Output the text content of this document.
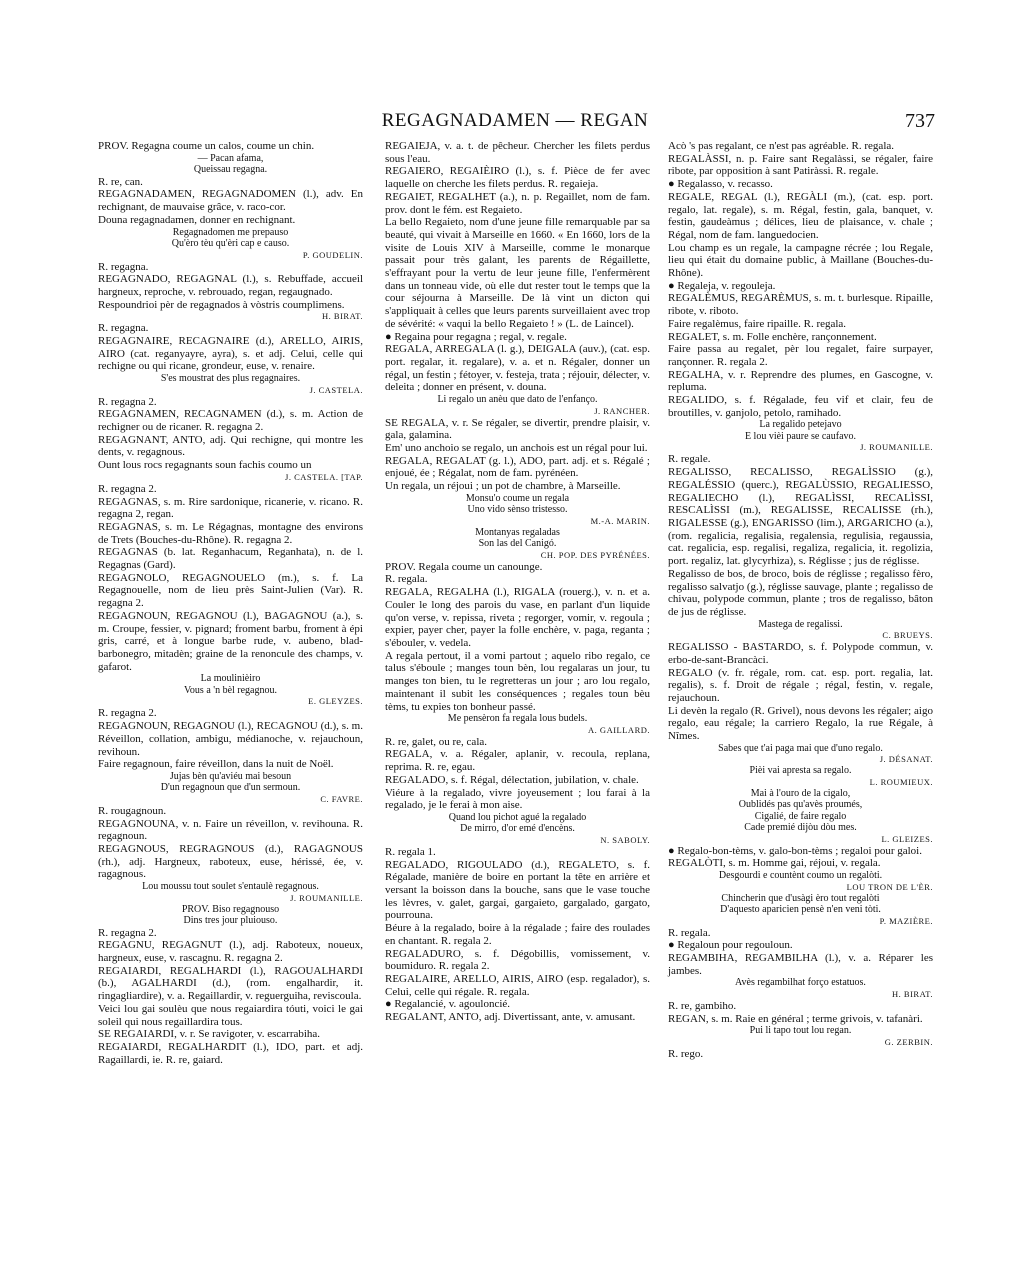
REGAGNADAMEN — REGAN	737

PROV. Regagna coume un calos, coume un chin.

— Pacan afama,

Queissau regagna.

R. re, can.

REGAGNADAMEN, REGAGNADOMEN (l.), adv. En rechignant, de mauvaise grâce, v. raco-cor.

Douna regagnadamen, donner en rechignant.

Regagnadomen me prepauso

Qu'èro tèu qu'èri cap e causo.

P. GOUDELIN.

R. regagna.

REGAGNADO, REGAGNAL (l.), s. Rebuffade, accueil hargneux, reproche, v. rebrouado, regan, regaugnado.

Respoundrioi pèr de regagnados à vòstris coumplimens.

H. BIRAT.

R. regagna.

REGAGNAIRE, RECAGNAIRE (d.), ARELLO, AIRIS, AIRO (cat. reganyayre, ayra), s. et adj. Celui, celle qui rechigne ou qui ricane, grondeur, euse, v. renaire.

S'es moustrat des plus regagnaires.

J. CASTELA.

R. regagna 2.

REGAGNAMEN, RECAGNAMEN (d.), s. m. Action de rechigner ou de ricaner. R. regagna 2.

REGAGNANT, ANTO, adj. Qui rechigne, qui montre les dents, v. regagnous.

Ount lous rocs regagnants soun fachis coumo un

J. CASTELA. [TAP.

R. regagna 2.

REGAGNAS, s. m. Rire sardonique, ricanerie, v. ricano. R. regagna 2, regan.

REGAGNAS, s. m. Le Régagnas, montagne des environs de Trets (Bouches-du-Rhône). R. regagna 2.

REGAGNAS (b. lat. Reganhacum, Reganhata), n. de l. Regagnas (Gard).

REGAGNOLO, REGAGNOUELO (m.), s. f. La Regagnouelle, nom de lieu près Saint-Julien (Var). R. regagna 2.

REGAGNOUN, REGAGNOU (l.), BAGAGNOU (a.), s. m. Croupe, fessier, v. pignard; froment barbu, froment à épi gris, carré, et à longue barbe rude, v. aubeno, blad-barbonegro, mitadèn; graine de la renoncule des champs, v. gafarot.

La moulinièiro

Vous a 'n bèl regagnou.

E. GLEYZES.

R. regagna 2.

REGAGNOUN, REGAGNOU (l.), RECAGNOU (d.), s. m. Réveillon, collation, ambigu, médianoche, v. rejauchoun, revihoun.

Faire regagnoun, faire réveillon, dans la nuit de Noël.

Jujas bèn qu'aviéu mai besoun

D'un regagnoun que d'un sermoun.

C. FAVRE.

R. rougagnoun.

REGAGNOUNA, v. n. Faire un réveillon, v. revihouna. R. regagnoun.

REGAGNOUS, REGRAGNOUS (d.), RAGAGNOUS (rh.), adj. Hargneux, raboteux, euse, hérissé, ée, v. ragagnous.

Lou moussu tout soulet s'entaulè regagnous.

J. ROUMANILLE.

PROV. Biso regagnouso

Dins tres jour pluiouso.

R. regagna 2.

REGAGNU, REGAGNUT (l.), adj. Raboteux, noueux, hargneux, euse, v. rascagnu. R. regagna 2.

REGAIARDI, REGALHARDI (l.), RAGOUALHARDI (b.), AGALHARDI (d.), (rom. engalhardir, it. ringagliardire), v. a. Regaillardir, v. reguerguiha, reviscoula.

Veici lou gai soulèu que nous regaiardira tóuti, voici le gai soleil qui nous regaillardira tous.

SE REGAIARDI, v. r. Se ravigoter, v. escarrabiha.

REGAIARDI, REGALHARDIT (l.), IDO, part. et adj. Ragaillardi, ie. R. re, gaiard.

REGAIEJA, v. a. t. de pêcheur. Chercher les filets perdus sous l'eau.

REGAIERO, REGAIÈIRO (l.), s. f. Pièce de fer avec laquelle on cherche les filets perdus. R. regaieja.

REGAIET, REGALHET (a.), n. p. Regaillet, nom de fam. prov. dont le fém. est Regaieto.

La bello Regaieto, nom d'une jeune fille remarquable par sa beauté, qui vivait à Marseille en 1660. « En 1660, lors de la visite de Louis XIV à Marseille, comme le monarque passait pour très galant, les parents de Régaillette, s'effrayant pour la vertu de leur jeune fille, l'enfermèrent dans un tonneau vide, où elle dut rester tout le temps que la cour séjourna à Marseille. De là vint un dicton qui s'appliquait à celles que leurs parents surveillaient avec trop de sévérité: « vaqui la bello Regaieto ! » (L. de Laincel).

● Regaina pour regagna ; regal, v. regale.

REGALA, ARREGALA (l. g.), DEIGALA (auv.), (cat. esp. port. regalar, it. regalare), v. a. et n. Régaler, donner un régal, un festin ; fétoyer, v. festeja, trata ; réjouir, délecter, v. deleita ; donner en présent, v. douna.

Li regalo un anèu que dato de l'enfanço.

J. RANCHER.

SE REGALA, v. r. Se régaler, se divertir, prendre plaisir, v. gala, galamina.

Em' uno anchoio se regalo, un anchois est un régal pour lui.

REGALA, REGALAT (g. l.), ADO, part. adj. et s. Régalé ; enjoué, ée ; Régalat, nom de fam. pyrénéen.

Un regala, un réjoui ; un pot de chambre, à Marseille.

Monsu'o coume un regala

Uno vido sènso tristesso.

M.-A. MARIN.

Montanyas regaladas

Son las del Canigó.

CH. POP. DES PYRÉNÉES.

PROV. Regala coume un canounge.

R. regala.

REGALA, REGALHA (l.), RIGALA (rouerg.), v. n. et a. Couler le long des parois du vase, en parlant d'un liquide qu'on verse, v. repissa, riveta ; regorger, vomir, v. regoula ; expier, payer cher, payer la folle enchère, v. paga, reganta ; s'ébouler, v. vedela.

A regala pertout, il a vomi partout ; aquelo ribo regalo, ce talus s'éboule ; manges toun bèn, lou regalaras un jour, tu manges ton bien, tu le regretteras un jour ; aro lou regalo, maintenant il subit les conséquences ; regales toun bèu tèms, tu expies ton bonheur passé.

Me pensèron fa regala lous budels.

A. GAILLARD.

R. re, galet, ou re, cala.

REGALA, v. a. Régaler, aplanir, v. recoula, replana, reprima. R. re, egau.

REGALADO, s. f. Régal, délectation, jubilation, v. chale.

Viéure à la regalado, vivre joyeusement ; lou farai à la regalado, je le ferai à mon aise.

Quand lou pichot agué la regalado

De mirro, d'or emé d'encèns.

N. SABOLY.

R. regala 1.

REGALADO, RIGOULADO (d.), REGALETO, s. f. Régalade, manière de boire en portant la tête en arrière et versant la boisson dans la bouche, sans que le vase touche les lèvres, v. galet, gargai, gargaieto, gargalado, gargato, pourrouna.

Béure à la regalado, boire à la régalade ; faire des roulades en chantant. R. regala 2.

REGALADURO, s. f. Dégobillis, vomissement, v. boumiduro. R. regala 2.

REGALAIRE, ARELLO, AIRIS, AIRO (esp. regalador), s. Celui, celle qui régale. R. regala.

● Regalancié, v. agouloncié.

REGALANT, ANTO, adj. Divertissant, ante, v. amusant.

Acò 's pas regalant, ce n'est pas agréable. R. regala.

REGALÀSSI, n. p. Faire sant Regalàssi, se régaler, faire ribote, par opposition à sant Patiràssi. R. regale.

● Regalasso, v. recasso.

REGALE, REGAL (l.), REGÀLI (m.), (cat. esp. port. regalo, lat. regale), s. m. Régal, festin, gala, banquet, v. festin, gaudeàmus ; délices, lieu de plaisance, v. chale ; Régal, nom de fam. languedocien.

Lou champ es un regale, la campagne récrée ; lou Regale, lieu qui était du domaine public, à Maillane (Bouches-du-Rhône).

● Regaleja, v. regouleja.

REGALÈMUS, REGARÈMUS, s. m. t. burlesque. Ripaille, ribote, v. riboto.

Faire regalèmus, faire ripaille. R. regala.

REGALET, s. m. Folle enchère, rançonnement.

Faire passa au regalet, pèr lou regalet, faire surpayer, rançonner. R. regala 2.

REGALHA, v. r. Reprendre des plumes, en Gascogne, v. repluma.

REGALIDO, s. f. Régalade, feu vif et clair, feu de broutilles, v. ganjolo, petolo, ramihado.

La regalido petejavo

E lou vièi paure se caufavo.

J. ROUMANILLE.

R. regale.

REGALISSO, RECALISSO, REGALÌSSIO (g.), REGALÉSSIO (querc.), REGALÙSSIO, REGALIESSO, REGALIECHO (l.), REGALÌSSI, RECALÌSSI, RESCALÌSSI (m.), REGALISSE, RECALISSE (rh.), RIGALESSE (g.), ENGARISSO (lim.), ARGARICHO (a.), (rom. regalicia, regalisia, regalensia, regulisia, regaussia, cat. regalicia, esp. regalisi, regaliza, regalicia, it. regolizia, port. regaliz, lat. glycyrhiza), s. Réglisse ; jus de réglisse.

Regalisso de bos, de broco, bois de réglisse ; regalisso fèro, regalisso salvatjo (g.), réglisse sauvage, plante ; regalisso de chivau, polypode commun, plante ; tros de regalisso, bâton de jus de réglisse.

Mastega de regalissi.

C. BRUEYS.

REGALISSO - BASTARDO, s. f. Polypode commun, v. erbo-de-sant-Brancàci.

REGALO (v. fr. régale, rom. cat. esp. port. regalia, lat. regalis), s. f. Droit de régale ; régal, festin, v. regale, rejauchoun.

Li devèn la regalo (R. Grivel), nous devons les régaler; aigo regalo, eau régale; la carriero Regalo, la rue Régale, à Nîmes.

Sabes que t'ai paga mai que d'uno regalo.

J. DÉSANAT.

Pièi vai apresta sa regalo.

L. ROUMIEUX.

Mai à l'ouro de la cigalo,

Oublidés pas qu'avès proumés,

Cigalié, de faire regalo

Cade premié dijòu dòu mes.

L. GLEIZES.

● Regalo-bon-tèms, v. galo-bon-tèms ; regaloi pour galoi.

REGALÒTI, s. m. Homme gai, réjoui, v. regala.

Desgourdi e countènt coumo un regalòti.

LOU TRON DE L'ÈR.

Chincherin que d'usàgi èro tout regalòti

D'aquesto aparicien pensè n'en veni tòti.

P. MAZIÈRE.

R. regala.

● Regaloun pour regouloun.

REGAMBIHA, REGAMBILHA (l.), v. a. Réparer les jambes.

Avès regambilhat forço estatuos.

H. BIRAT.

R. re, gambiho.

REGAN, s. m. Raie en général ; terme grivois, v. tafanàri.

Pui li tapo tout lou regan.

G. ZERBIN.

R. rego.
